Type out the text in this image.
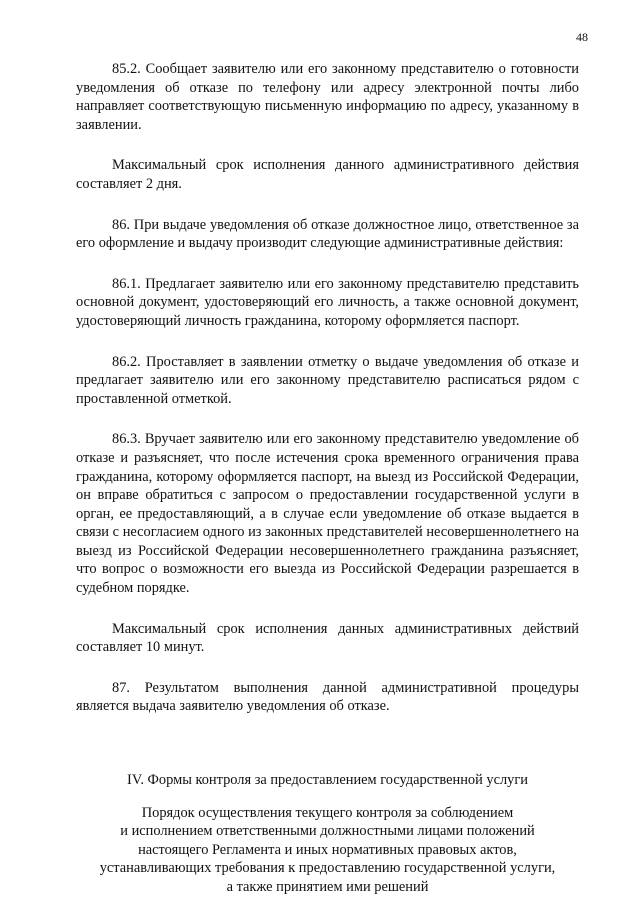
48

85.2. Сообщает заявителю или его законному представителю о готовности уведомления об отказе по телефону или адресу электронной почты либо направляет соответствующую письменную информацию по адресу, указанному в заявлении.

Максимальный срок исполнения данного административного действия составляет 2 дня.

86. При выдаче уведомления об отказе должностное лицо, ответственное за его оформление и выдачу производит следующие административные действия:

86.1. Предлагает заявителю или его законному представителю представить основной документ, удостоверяющий его личность, а также основной документ, удостоверяющий личность гражданина, которому оформляется паспорт.

86.2. Проставляет в заявлении отметку о выдаче уведомления об отказе и предлагает заявителю или его законному представителю расписаться рядом с проставленной отметкой.

86.3. Вручает заявителю или его законному представителю уведомление об отказе и разъясняет, что после истечения срока временного ограничения права гражданина, которому оформляется паспорт, на выезд из Российской Федерации, он вправе обратиться с запросом о предоставлении государственной услуги в орган, ее предоставляющий, а в случае если уведомление об отказе выдается в связи с несогласием одного из законных представителей несовершеннолетнего на выезд из Российской Федерации несовершеннолетнего гражданина разъясняет, что вопрос о возможности его выезда из Российской Федерации разрешается в судебном порядке.

Максимальный срок исполнения данных административных действий составляет 10 минут.

87. Результатом выполнения данной административной процедуры является выдача заявителю уведомления об отказе.

IV. Формы контроля за предоставлением государственной услуги

Порядок осуществления текущего контроля за соблюдением

и исполнением ответственными должностными лицами положений

настоящего Регламента и иных нормативных правовых актов,

устанавливающих требования к предоставлению государственной услуги,

а также принятием ими решений
